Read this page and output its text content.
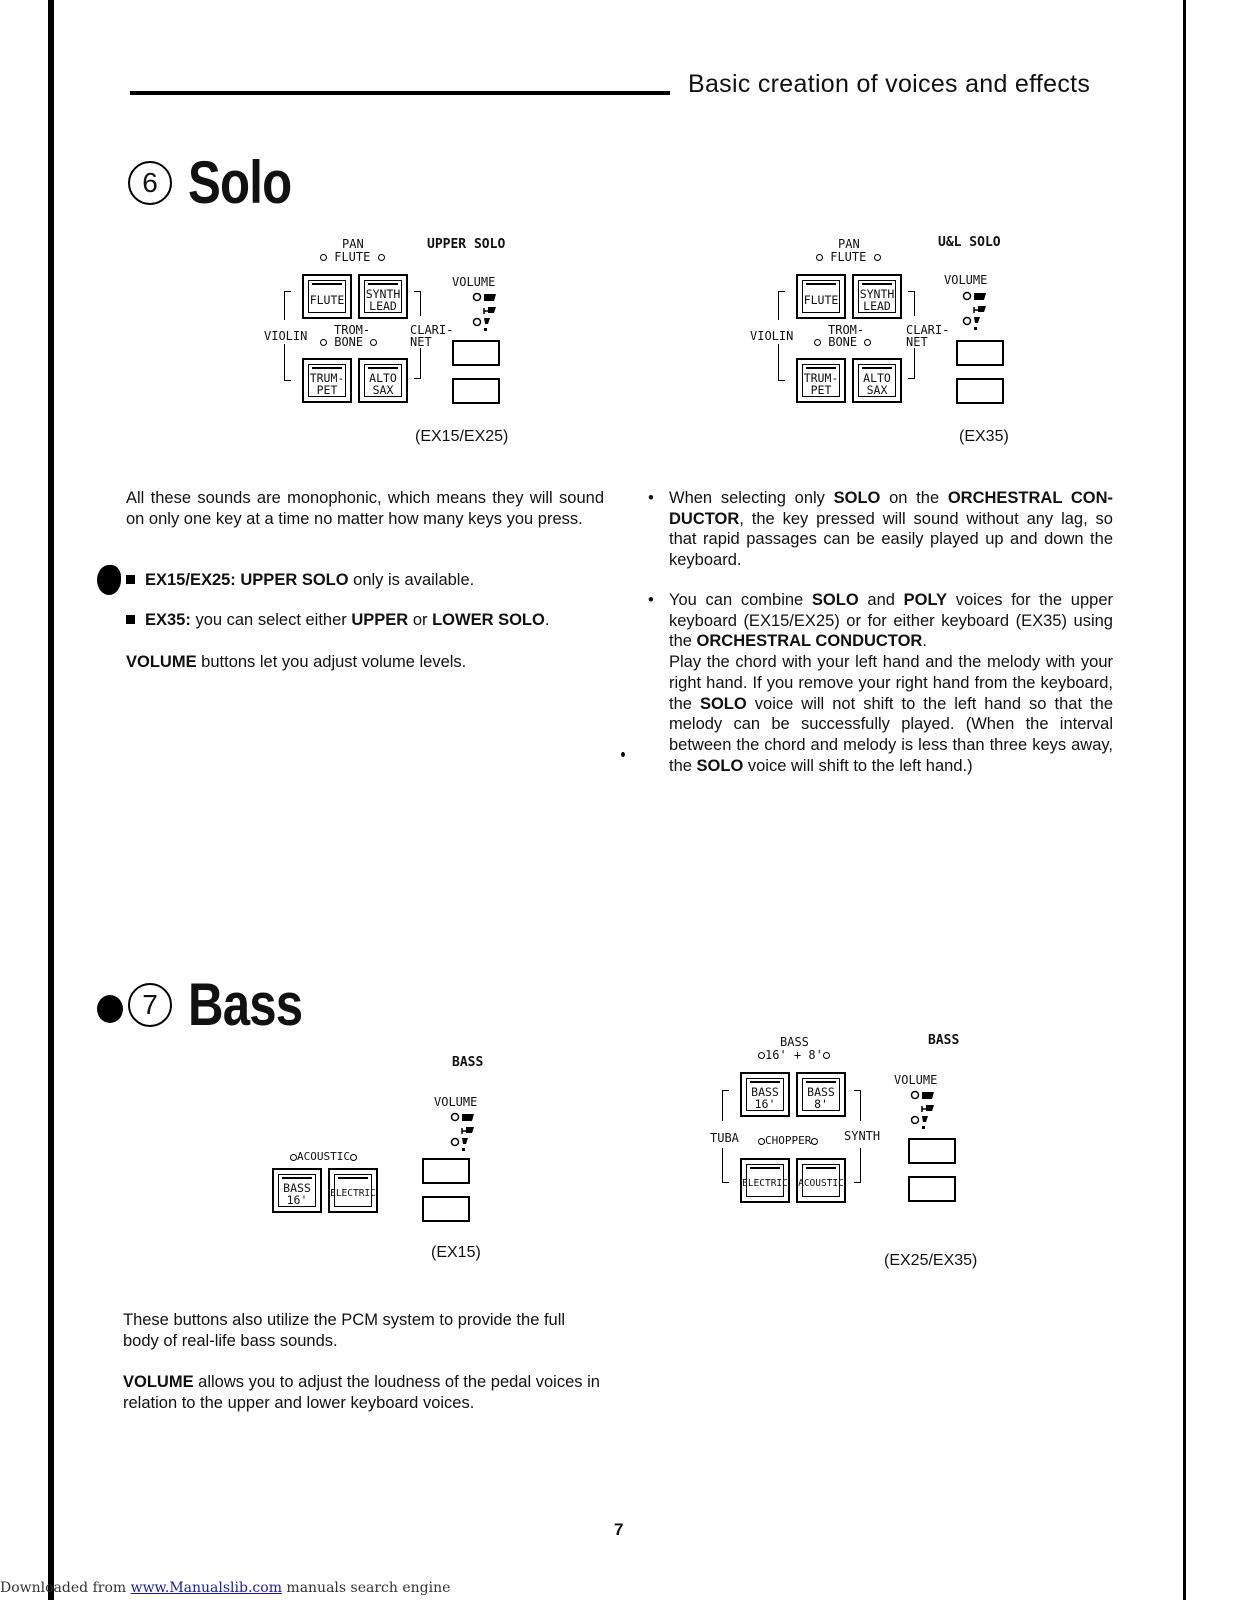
Basic creation of voices and effects
6 Solo
UPPER SOLO
PAN
FLUTE
FLUTE SYNTH
LEAD
VIOLIN TROM-
BONE
CLARI-
NET
TRUM-
PET
ALTO
SAX
VOLUME
(EX15/EX25)
U&L SOLO
PAN
FLUTE
FLUTE SYNTH
LEAD
VIOLIN	TROM-
BONE
CLARI-
NET
TRUM-
PET
ALTO
SAX
VOLUME
(EX35)
All these sounds are monophonic, which means they will sound on only one key at a time no matter how many keys you press.
EX15/EX25: UPPER SOLO only is available.
EX35: you can select either UPPER or LOWER SOLO.
VOLUME buttons let you adjust volume levels.
• When selecting only SOLO on the ORCHESTRAL CON-DUCTOR, the key pressed will sound without any lag, so that rapid passages can be easily played up and down the keyboard.
• You can combine SOLO and POLY voices for the upper keyboard (EX15/EX25) or for either keyboard (EX35) using the ORCHESTRAL CONDUCTOR.
Play the chord with your left hand and the melody with your right hand. If you remove your right hand from the keyboard, the SOLO voice will not shift to the left hand so that the melody can be successfully played. (When the interval between the chord and melody is less than three keys away, the SOLO voice will shift to the left hand.)
7 Bass
BASS
VOLUME
ACOUSTIC
BASS
16'	ELECTRIC
(EX15)
BASS
BASS
16' + 8'
BASS
16'
BASS
8'
TUBA	CHOPPER	SYNTH
ELECTRIC ACOUSTIC
VOLUME
(EX25/EX35)
These buttons also utilize the PCM system to provide the full body of real-life bass sounds.
VOLUME allows you to adjust the loudness of the pedal voices in relation to the upper and lower keyboard voices.
7
Downloaded from www.Manualslib.com manuals search engine
